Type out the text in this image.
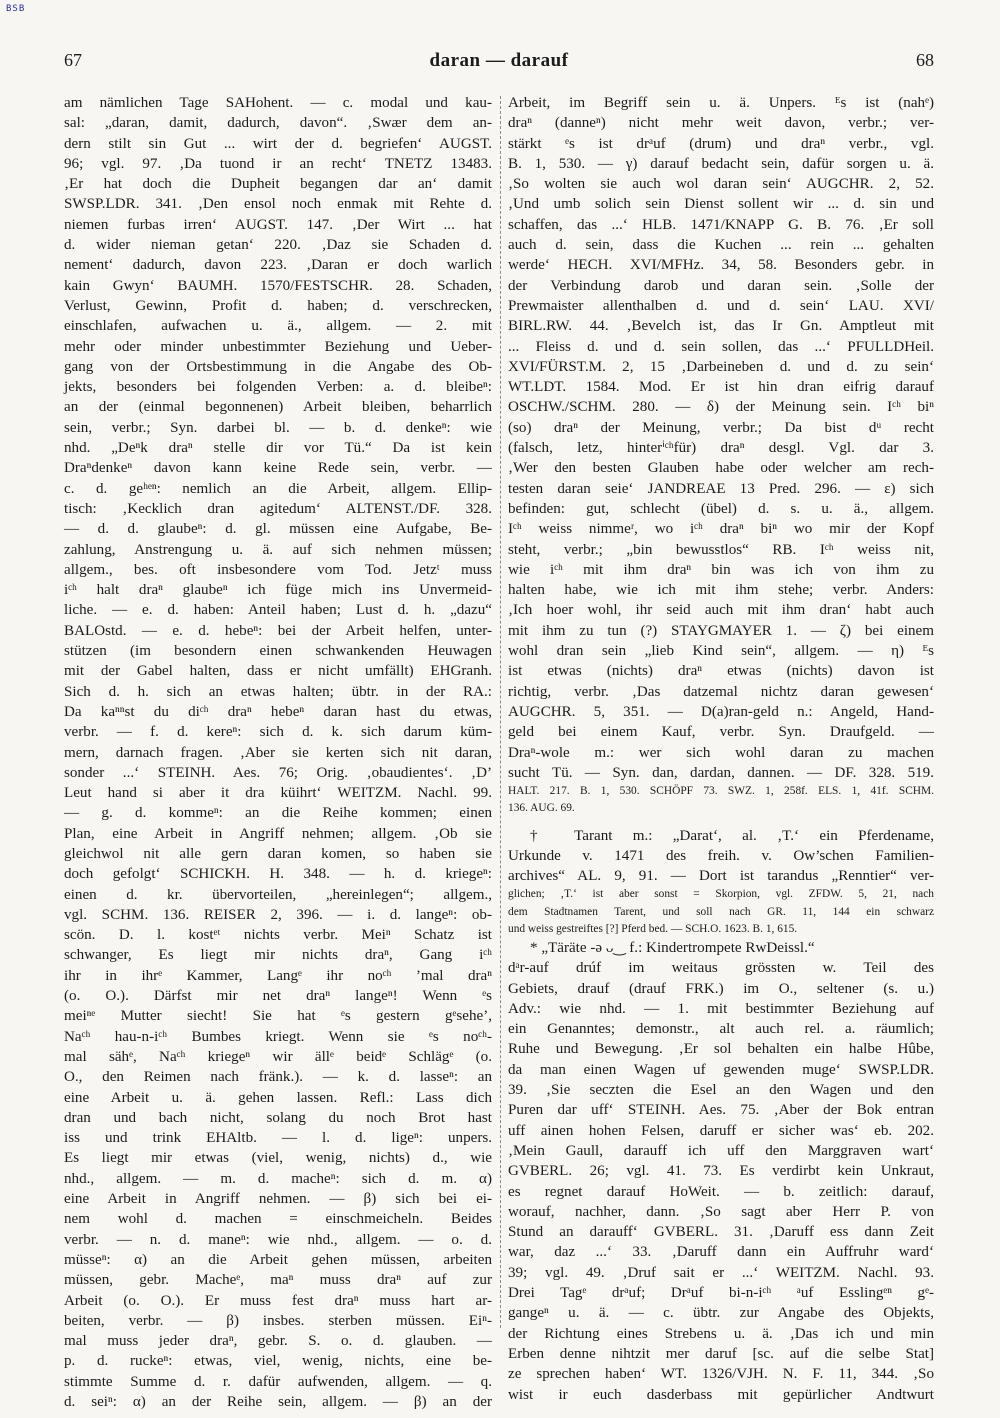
BSB
67	daran — darauf	68
am nämlichen Tage SAHohent. — c. modal und kau-
sal: „daran, damit, dadurch, davon“. ‚Swær dem an-
dern stilt sin Gut ... wirt der d. begriefen‘ AUGST.
96; vgl. 97. ‚Da tuond ir an recht‘ TNETZ 13483.
‚Er hat doch die Dupheit begangen dar an‘ damit
SWSP.LDR. 341. ‚Den ensol noch enmak mit Rehte d.
niemen furbas irren‘ AUGST. 147. ‚Der Wirt ... hat
d. wider nieman getan‘ 220. ‚Daz sie Schaden d.
nement‘ dadurch, davon 223. ‚Daran er doch warlich
kain Gwyn‘ BAUMH. 1570/FESTSCHR. 28. Schaden,
Verlust, Gewinn, Profit d. haben; d. verschrecken,
einschlafen, aufwachen u. ä., allgem. — 2. mit
mehr oder minder unbestimmter Beziehung und Ueber-
gang von der Ortsbestimmung in die Angabe des Ob-
jekts, besonders bei folgenden Verben: a. d. bleibeⁿ:
an der (einmal begonnenen) Arbeit bleiben, beharrlich
sein, verbr.; Syn. darbei bl. — b. d. denkeⁿ: wie
nhd. „Deⁿk draⁿ stelle dir vor Tü.“ Da ist kein
Draⁿdenkeⁿ davon kann keine Rede sein, verbr. —
c. d. geʰᵉⁿ: nemlich an die Arbeit, allgem. Ellip-
tisch: ‚Kecklich dran agitedum‘ ALTENST./DF. 328.
— d. d. glaubeⁿ: d. gl. müssen eine Aufgabe, Be-
zahlung, Anstrengung u. ä. auf sich nehmen müssen;
allgem., bes. oft insbesondere vom Tod. Jetzᵗ muss
iᶜʰ halt draⁿ glaubeⁿ ich füge mich ins Unvermeid-
liche. — e. d. haben: Anteil haben; Lust d. h. „dazu“
BALOstd. — e. d. hebeⁿ: bei der Arbeit helfen, unter-
stützen (im besondern einen schwankenden Heuwagen
mit der Gabel halten, dass er nicht umfällt) EHGranh.
Sich d. h. sich an etwas halten; übtr. in der RA.:
Da kaⁿⁿst du diᶜʰ draⁿ hebeⁿ daran hast du etwas,
verbr. — f. d. kereⁿ: sich d. k. sich darum küm-
mern, darnach fragen. ‚Aber sie kerten sich nit daran,
sonder ...‘ STEINH. Aes. 76; Orig. ‚obaudientes‘. ‚D’
Leut hand si aber it dra küihrt‘ WEITZM. Nachl. 99.
— g. d. kommeⁿ: an die Reihe kommen; einen
Plan, eine Arbeit in Angriff nehmen; allgem. ‚Ob sie
gleichwol nit alle gern daran komen, so haben sie
doch gefolgt‘ SCHICKH. H. 348. — h. d. kriegeⁿ:
einen d. kr. übervorteilen, „hereinlegen“; allgem.,
vgl. SCHM. 136. REISER 2, 396. — i. d. langeⁿ: ob-
scön. D. l. kostᵉᵗ nichts verbr. Meiⁿ Schatz ist
schwanger, Es liegt mir nichts draⁿ, Gang iᶜʰ
ihr in ihrᵉ Kammer, Langᵉ ihr noᶜʰ ’mal draⁿ
(o. O.). Därfst mir net draⁿ langeⁿ! Wenn ᵉs
meiⁿᵉ Mutter siecht! Sie hat ᵉs gestern gᵉsehe’,
Naᶜʰ hau-n-iᶜʰ Bumbes kriegt. Wenn sie ᵉs noᶜʰ-
mal sähᵉ, Naᶜʰ kriegeⁿ wir ällᵉ beidᵉ Schlägᵉ (o.
O., den Reimen nach fränk.). — k. d. lasseⁿ: an
eine Arbeit u. ä. gehen lassen. Refl.: Lass dich
dran und bach nicht, solang du noch Brot hast
iss und trink EHAltb. — l. d. ligeⁿ: unpers.
Es liegt mir etwas (viel, wenig, nichts) d., wie
nhd., allgem. — m. d. macheⁿ: sich d. m. α)
eine Arbeit in Angriff nehmen. — β) sich bei ei-
nem wohl d. machen = einschmeicheln. Beides
verbr. — n. d. maneⁿ: wie nhd., allgem. — o. d.
müsseⁿ: α) an die Arbeit gehen müssen, arbeiten
müssen, gebr. Macheᵉ, maⁿ muss draⁿ auf zur
Arbeit (o. O.). Er muss fest draⁿ muss hart ar-
beiten, verbr. — β) insbes. sterben müssen. Eiⁿ-
mal muss jeder draⁿ, gebr. S. o. d. glauben. —
p. d. ruckeⁿ: etwas, viel, wenig, nichts, eine be-
stimmte Summe d. r. dafür aufwenden, allgem. — q.
d. seiⁿ: α) an der Reihe sein, allgem. — β) an der
Arbeit, im Begriff sein u. ä. Unpers. ᴱs ist (nahᵉ)
draⁿ (danneⁿ) nicht mehr weit davon, verbr.; ver-
stärkt ᵉs ist drᵃuf (drum) und draⁿ verbr., vgl.
B. 1, 530. — γ) darauf bedacht sein, dafür sorgen u. ä.
‚So wolten sie auch wol daran sein‘ AUGCHR. 2, 52.
‚Und umb solich sein Dienst sollent wir ... d. sin und
schaffen, das ...‘ HLB. 1471/KNAPP G. B. 76. ‚Er soll
auch d. sein, dass die Kuchen ... rein ... gehalten
werde‘ HECH. XVI/MFHz. 34, 58. Besonders gebr. in
der Verbindung darob und daran sein. ‚Solle der
Prewmaister allenthalben d. und d. sein‘ LAU. XVI/
BIRL.RW. 44. ‚Bevelch ist, das Ir Gn. Amptleut mit
... Fleiss d. und d. sein sollen, das ...‘ PFULLDHeil.
XVI/FÜRST.M. 2, 15 ‚Darbeineben d. und d. zu sein‘
WT.LDT. 1584. Mod. Er ist hin dran eifrig darauf
OSCHW./SCHM. 280. — δ) der Meinung sein. Iᶜʰ biⁿ
(so) draⁿ der Meinung, verbr.; Da bist dᵘ recht
(falsch, letz, hinterⁱᶜʰfür) draⁿ desgl. Vgl. dar 3.
‚Wer den besten Glauben habe oder welcher am rech-
testen daran seie‘ JANDREAE 13 Pred. 296. — ε) sich
befinden: gut, schlecht (übel) d. s. u. ä., allgem.
Iᶜʰ weiss nimmeʳ, wo iᶜʰ draⁿ biⁿ wo mir der Kopf
steht, verbr.; „bin bewusstlos“ RB. Iᶜʰ weiss nit,
wie iᶜʰ mit ihm draⁿ bin was ich von ihm zu
halten habe, wie ich mit ihm stehe; verbr. Anders:
‚Ich hoer wohl, ihr seid auch mit ihm dran‘ habt auch
mit ihm zu tun (?) STAYGMAYER 1. — ζ) bei einem
wohl dran sein „lieb Kind sein“, allgem. — η) ᴱs
ist etwas (nichts) draⁿ etwas (nichts) davon ist
richtig, verbr. ‚Das datzemal nichtz daran gewesen‘
AUGCHR. 5, 351. — D(a)ran-geld n.: Angeld, Hand-
geld bei einem Kauf, verbr. Syn. Draufgeld. —
Draⁿ-wole m.: wer sich wohl daran zu machen
sucht Tü. — Syn. dan, dardan, dannen. — DF. 328. 519.
HALT. 217. B. 1, 530. SCHÖPF 73. SWZ. 1, 258f. ELS. 1, 41f. SCHM.
136. AUG. 69.
† Tarant m.: „Darat‘, al. ‚T.‘ ein Pferdename,
Urkunde v. 1471 des freih. v. Ow’schen Familien-
archives“ AL. 9, 91. — Dort ist tarandus „Renntier“ ver-
glichen; ‚T.‘ ist aber sonst = Skorpion, vgl. ZFDW. 5, 21, nach
dem Stadtnamen Tarent, und soll nach GR. 11, 144 ein schwarz
und weiss gestreiftes [?] Pferd bed. — SCH.O. 1623. B. 1, 615.
* „Täräte -ə ᴗ‿ f.: Kindertrompete RwDeissl.“
dᵃr-auf drúf im weitaus grössten w. Teil des
Gebiets, drauf (drauf FRK.) im O., seltener (s. u.)
Adv.: wie nhd. — 1. mit bestimmter Beziehung auf
ein Genanntes; demonstr., alt auch rel. a. räumlich;
Ruhe und Bewegung. ‚Er sol behalten ein halbe Hûbe,
da man einen Wagen uf gewenden muge‘ SWSP.LDR.
39. ‚Sie seczten die Esel an den Wagen und den
Puren dar uff‘ STEINH. Aes. 75. ‚Aber der Bok entran
uff ainen hohen Felsen, daruff er sicher was‘ eb. 202.
‚Mein Gaull, darauff ich uff den Marggraven wart‘
GVBERL. 26; vgl. 41. 73. Es verdirbt kein Unkraut,
es regnet darauf HoWeit. — b. zeitlich: darauf,
worauf, nachher, dann. ‚So sagt aber Herr P. von
Stund an darauff‘ GVBERL. 31. ‚Daruff ess dann Zeit
war, daz ...‘ 33. ‚Daruff dann ein Auffruhr ward‘
39; vgl. 49. ‚Druf sait er ...‘ WEITZM. Nachl. 93.
Drei Tagᵉ drᵃuf; Drᵃuf bi-n-iᶜʰ ᵃuf Esslingᵉⁿ gᵉ-
gangeⁿ u. ä. — c. übtr. zur Angabe des Objekts,
der Richtung eines Strebens u. ä. ‚Das ich und min
Erben denne nihtzit mer daruf [sc. auf die selbe Stat]
ze sprechen haben‘ WT. 1326/VJH. N. F. 11, 344. ‚So
wist ir euch dasderbass mit gepürlicher Andtwurt
